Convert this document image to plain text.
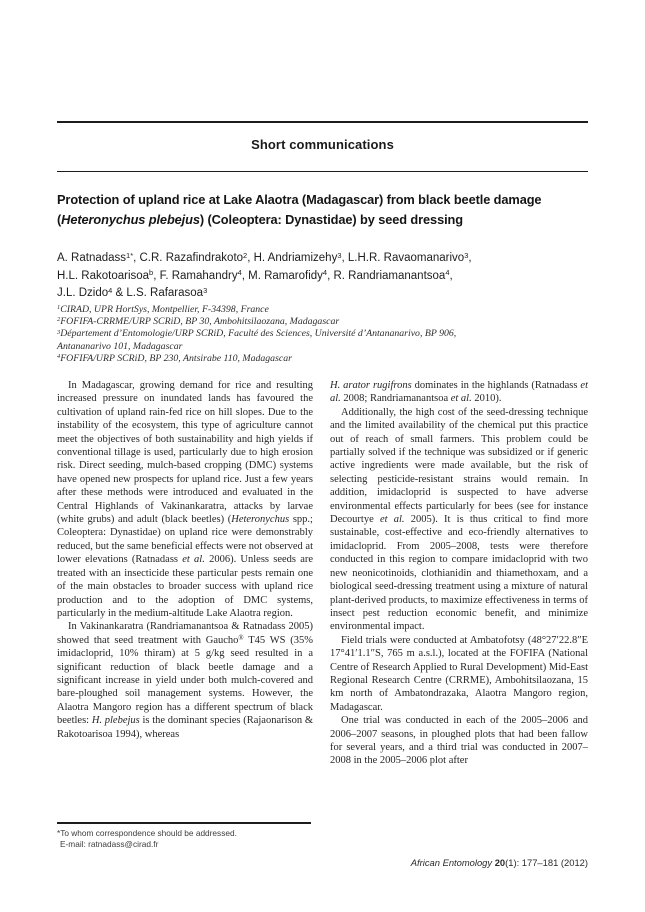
Short communications
Protection of upland rice at Lake Alaotra (Madagascar) from black beetle damage
(Heteronychus plebejus) (Coleoptera: Dynastidae) by seed dressing
A. Ratnadass$^{1*}$, C.R. Razafindrakoto$^2$, H. Andriamizehy$^3$, L.H.R. Ravaomanarivo$^3$,
H.L. Rakotoarisoa$^b$, F. Ramahandry$^4$, M. Ramarofidy$^4$, R. Randriamanantsoa$^4$,
J.L. Dzido$^4$ & L.S. Rafarasoa$^3$

$^1$CIRAD, UPR HortSys, Montpellier, F-34398, France

$^2$FOFIFA-CRRME/URP SCRiD, BP 30, Ambohitsilaozana, Madagascar

$^3$Département d’Entomologie/URP SCRiD, Faculté des Sciences, Université d’Antananarivo, BP 906,
Antananarivo 101, Madagascar

$^4$FOFIFA/URP SCRiD, BP 230, Antsirabe 110, Madagascar

In Madagascar, growing demand for rice and resulting increased pressure on inundated lands has favoured the cultivation of upland rain-fed rice on hill slopes. Due to the instability of the ecosystem, this type of agriculture cannot meet the objectives of both sustainability and high yields if conventional tillage is used, particularly due to high erosion risk. Direct seeding, mulch-based cropping (DMC) systems have opened new prospects for upland rice. Just a few years after these methods were introduced and evaluated in the Central Highlands of Vakinankaratra, attacks by larvae (white grubs) and adult (black beetles) (Heteronychus spp.; Coleoptera: Dynastidae) on upland rice were demonstrably reduced, but the same beneficial effects were not observed at lower elevations (Ratnadass et al. 2006). Unless seeds are treated with an insecticide these particular pests remain one of the main obstacles to broader success with upland rice production and to the adoption of DMC systems, particularly in the medium-altitude Lake Alaotra region.

In Vakinankaratra (Randriamanantsoa & Ratnadass 2005) showed that seed treatment with Gaucho® T45 WS (35% imidacloprid, 10% thiram) at 5 g/kg seed resulted in a significant reduction of black beetle damage and a significant increase in yield under both mulch-covered and bare-ploughed soil management systems. However, the Alaotra Mangoro region has a different spectrum of black beetles: H. plebejus is the dominant species (Rajaonarison & Rakotoarisoa 1994), whereas

H. arator rugifrons dominates in the highlands (Ratnadass et al. 2008; Randriamanantsoa et al. 2010).

Additionally, the high cost of the seed-dressing technique and the limited availability of the chemical put this practice out of reach of small farmers. This problem could be partially solved if the technique was subsidized or if generic active ingredients were made available, but the risk of selecting pesticide-resistant strains would remain. In addition, imidacloprid is suspected to have adverse environmental effects particularly for bees (see for instance Decourtye et al. 2005). It is thus critical to find more sustainable, cost-effective and eco-friendly alternatives to imidacloprid. From 2005–2008, tests were therefore conducted in this region to compare imidacloprid with two new neonicotinoids, clothianidin and thiamethoxam, and a biological seed-dressing treatment using a mixture of natural plant-derived products, to maximize effectiveness in terms of insect pest reduction economic benefit, and minimize environmental impact.

Field trials were conducted at Ambatofotsy (48°27′22.8″E 17°41′1.1″S, 765 m a.s.l.), located at the FOFIFA (National Centre of Research Applied to Rural Development) Mid-East Regional Research Centre (CRRME), Ambohitsilaozana, 15 km north of Ambatondrazaka, Alaotra Mangoro region, Madagascar.

One trial was conducted in each of the 2005–2006 and 2006–2007 seasons, in ploughed plots that had been fallow for several years, and a third trial was conducted in 2007–2008 in the 2005–2006 plot after

*To whom correspondence should be addressed.
E-mail: ratnadass@cirad.fr
African Entomology 20(1): 177–181 (2012)
